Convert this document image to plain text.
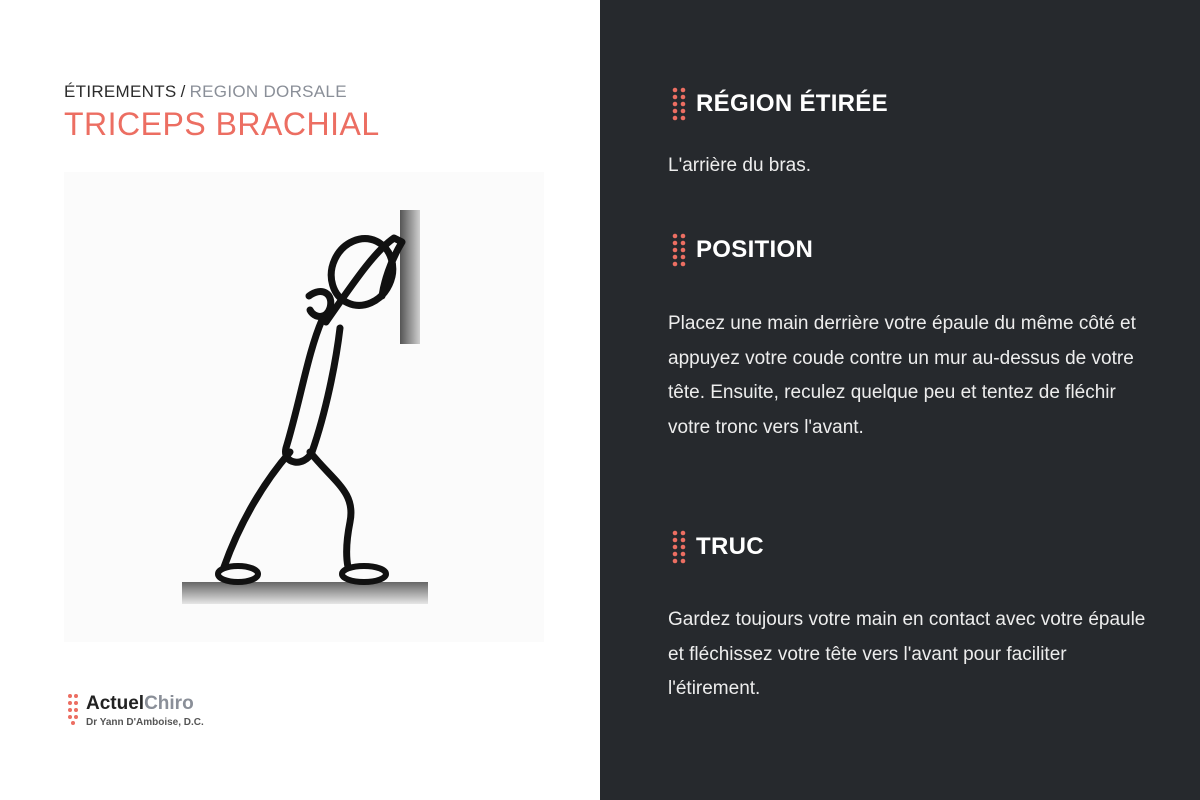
ÉTIREMENTS / REGION DORSALE
TRICEPS BRACHIAL
ActuelChiro
Dr Yann D'Amboise, D.C.
RÉGION ÉTIRÉE

L'arrière du bras.

POSITION

Placez une main derrière votre épaule du même côté et appuyez votre coude contre un mur au-dessus de votre tête. Ensuite, reculez quelque peu et tentez de fléchir votre tronc vers l'avant.

TRUC

Gardez toujours votre main en contact avec votre épaule et fléchissez votre tête vers l'avant pour faciliter l'étirement.
